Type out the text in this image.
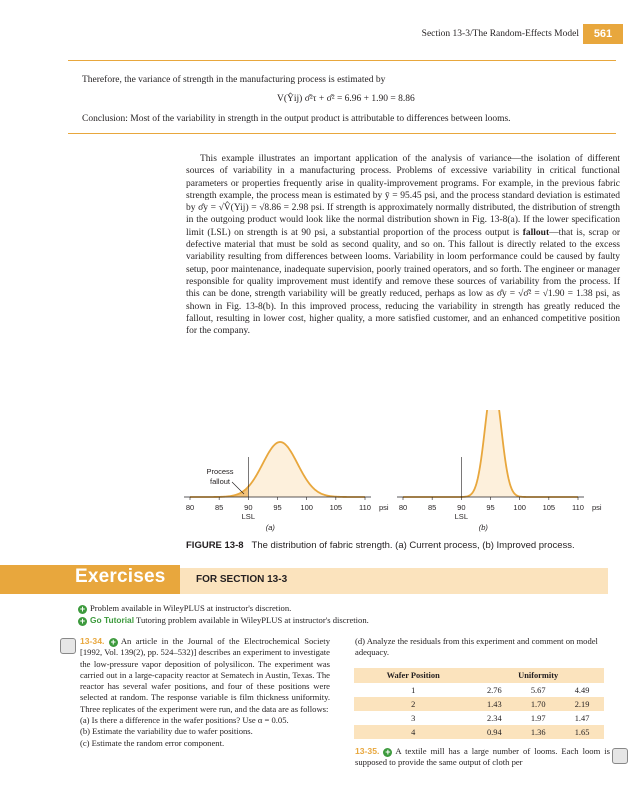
Section 13-3/The Random-Effects Model	561
Therefore, the variance of strength in the manufacturing process is estimated by
V(Ŷij) σ̂²τ + σ̂² = 6.96 + 1.90 = 8.86
Conclusion: Most of the variability in strength in the output product is attributable to differences between looms.

This example illustrates an important application of the analysis of variance—the isolation of different sources of variability in a manufacturing process. Problems of excessive variability in critical functional parameters or properties frequently arise in quality-improvement programs. For example, in the previous fabric strength example, the process mean is estimated by ȳ = 95.45 psi, and the process standard deviation is estimated by σ̂y = √V̂(Yij) = √8.86 = 2.98 psi. If strength is approximately normally distributed, the distribution of strength in the outgoing product would look like the normal distribution shown in Fig. 13-8(a). If the lower specification limit (LSL) on strength is at 90 psi, a substantial proportion of the process output is fallout—that is, scrap or defective material that must be sold as second quality, and so on. This fallout is directly related to the excess variability resulting from differences between looms. Variability in loom performance could be caused by faulty setup, poor maintenance, inadequate supervision, poorly trained operators, and so forth. The engineer or manager responsible for quality improvement must identify and remove these sources of variability from the process. If this can be done, strength variability will be greatly reduced, perhaps as low as σ̂y = √σ̂² = √1.90 = 1.38 psi, as shown in Fig. 13-8(b). In this improved process, reducing the variability in strength has greatly reduced the fallout, resulting in lower cost, higher quality, a more satisfied customer, and an enhanced competitive position for the company.

80	85	90	95 100 105 110 psi
LSL
(a)
Process
fallout
80	85	90	95 100 105 110 psi
LSL
(b)
FIGURE 13-8 The distribution of fabric strength. (a) Current process, (b) Improved process.
Exercises	FOR SECTION 13-3
+ Problem available in WileyPLUS at instructor's discretion.
+ Go Tutorial Tutoring problem available in WileyPLUS at instructor's discretion.

13-34. + An article in the Journal of the Electrochemical Society [1992, Vol. 139(2), pp. 524–532)] describes an experiment to investigate the low-pressure vapor deposition of polysilicon. The experiment was carried out in a large-capacity reactor at Sematech in Austin, Texas. The reactor has several wafer positions, and four of these positions were selected at random. The response variable is film thickness uniformity. Three replicates of the experiment were run, and the data are as follows:

(a) Is there a difference in the wafer positions? Use α = 0.05.
(b) Estimate the variability due to wafer positions.
(c) Estimate the random error component.
(d) Analyze the residuals from this experiment and comment on model adequacy.
Wafer Position	Uniformity		
1	2.76	5.67	4.49
2	1.43	1.70	2.19
3	2.34	1.97	1.47
4	0.94	1.36	1.65

13-35. + A textile mill has a large number of looms. Each loom is supposed to provide the same output of cloth per
